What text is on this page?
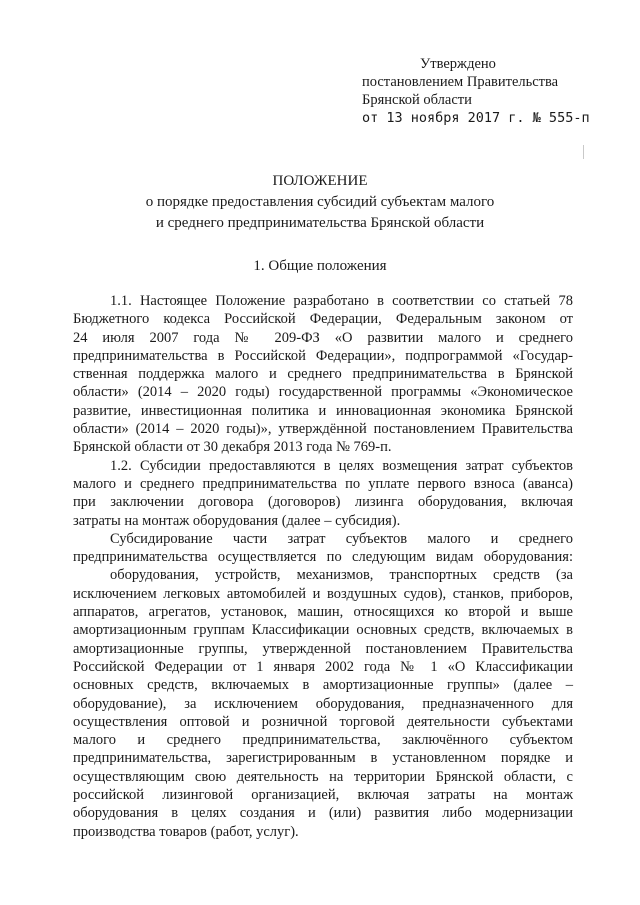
Утверждено
постановлением Правительства
Брянской области
от 13 ноября 2017 г. № 555-п
ПОЛОЖЕНИЕ
о порядке предоставления субсидий субъектам малого
и среднего предпринимательства Брянской области
1. Общие положения
1.1. Настоящее Положение разработано в соответствии со статьей 78
Бюджетного кодекса Российской Федерации, Федеральным законом от
24 июля 2007 года № 209-ФЗ «О развитии малого и среднего
предпринимательства в Российской Федерации», подпрограммой «Государ-
ственная поддержка малого и среднего предпринимательства в Брянской
области» (2014 – 2020 годы) государственной программы «Экономическое
развитие, инвестиционная политика и инновационная экономика Брянской
области» (2014 – 2020 годы)», утверждённой постановлением Правительства
Брянской области от 30 декабря 2013 года № 769-п.
1.2. Субсидии предоставляются в целях возмещения затрат субъектов
малого и среднего предпринимательства по уплате первого взноса (аванса)
при заключении договора (договоров) лизинга оборудования, включая
затраты на монтаж оборудования (далее – субсидия).
Субсидирование части затрат субъектов малого и среднего
предпринимательства осуществляется по следующим видам оборудования:
оборудования, устройств, механизмов, транспортных средств (за
исключением легковых автомобилей и воздушных судов), станков, приборов,
аппаратов, агрегатов, установок, машин, относящихся ко второй и выше
амортизационным группам Классификации основных средств, включаемых в
амортизационные группы, утвержденной постановлением Правительства
Российской Федерации от 1 января 2002 года № 1 «О Классификации
основных средств, включаемых в амортизационные группы» (далее –
оборудование), за исключением оборудования, предназначенного для
осуществления оптовой и розничной торговой деятельности субъектами
малого и среднего предпринимательства, заключённого субъектом
предпринимательства, зарегистрированным в установленном порядке и
осуществляющим свою деятельность на территории Брянской области, с
российской лизинговой организацией, включая затраты на монтаж
оборудования в целях создания и (или) развития либо модернизации
производства товаров (работ, услуг).
